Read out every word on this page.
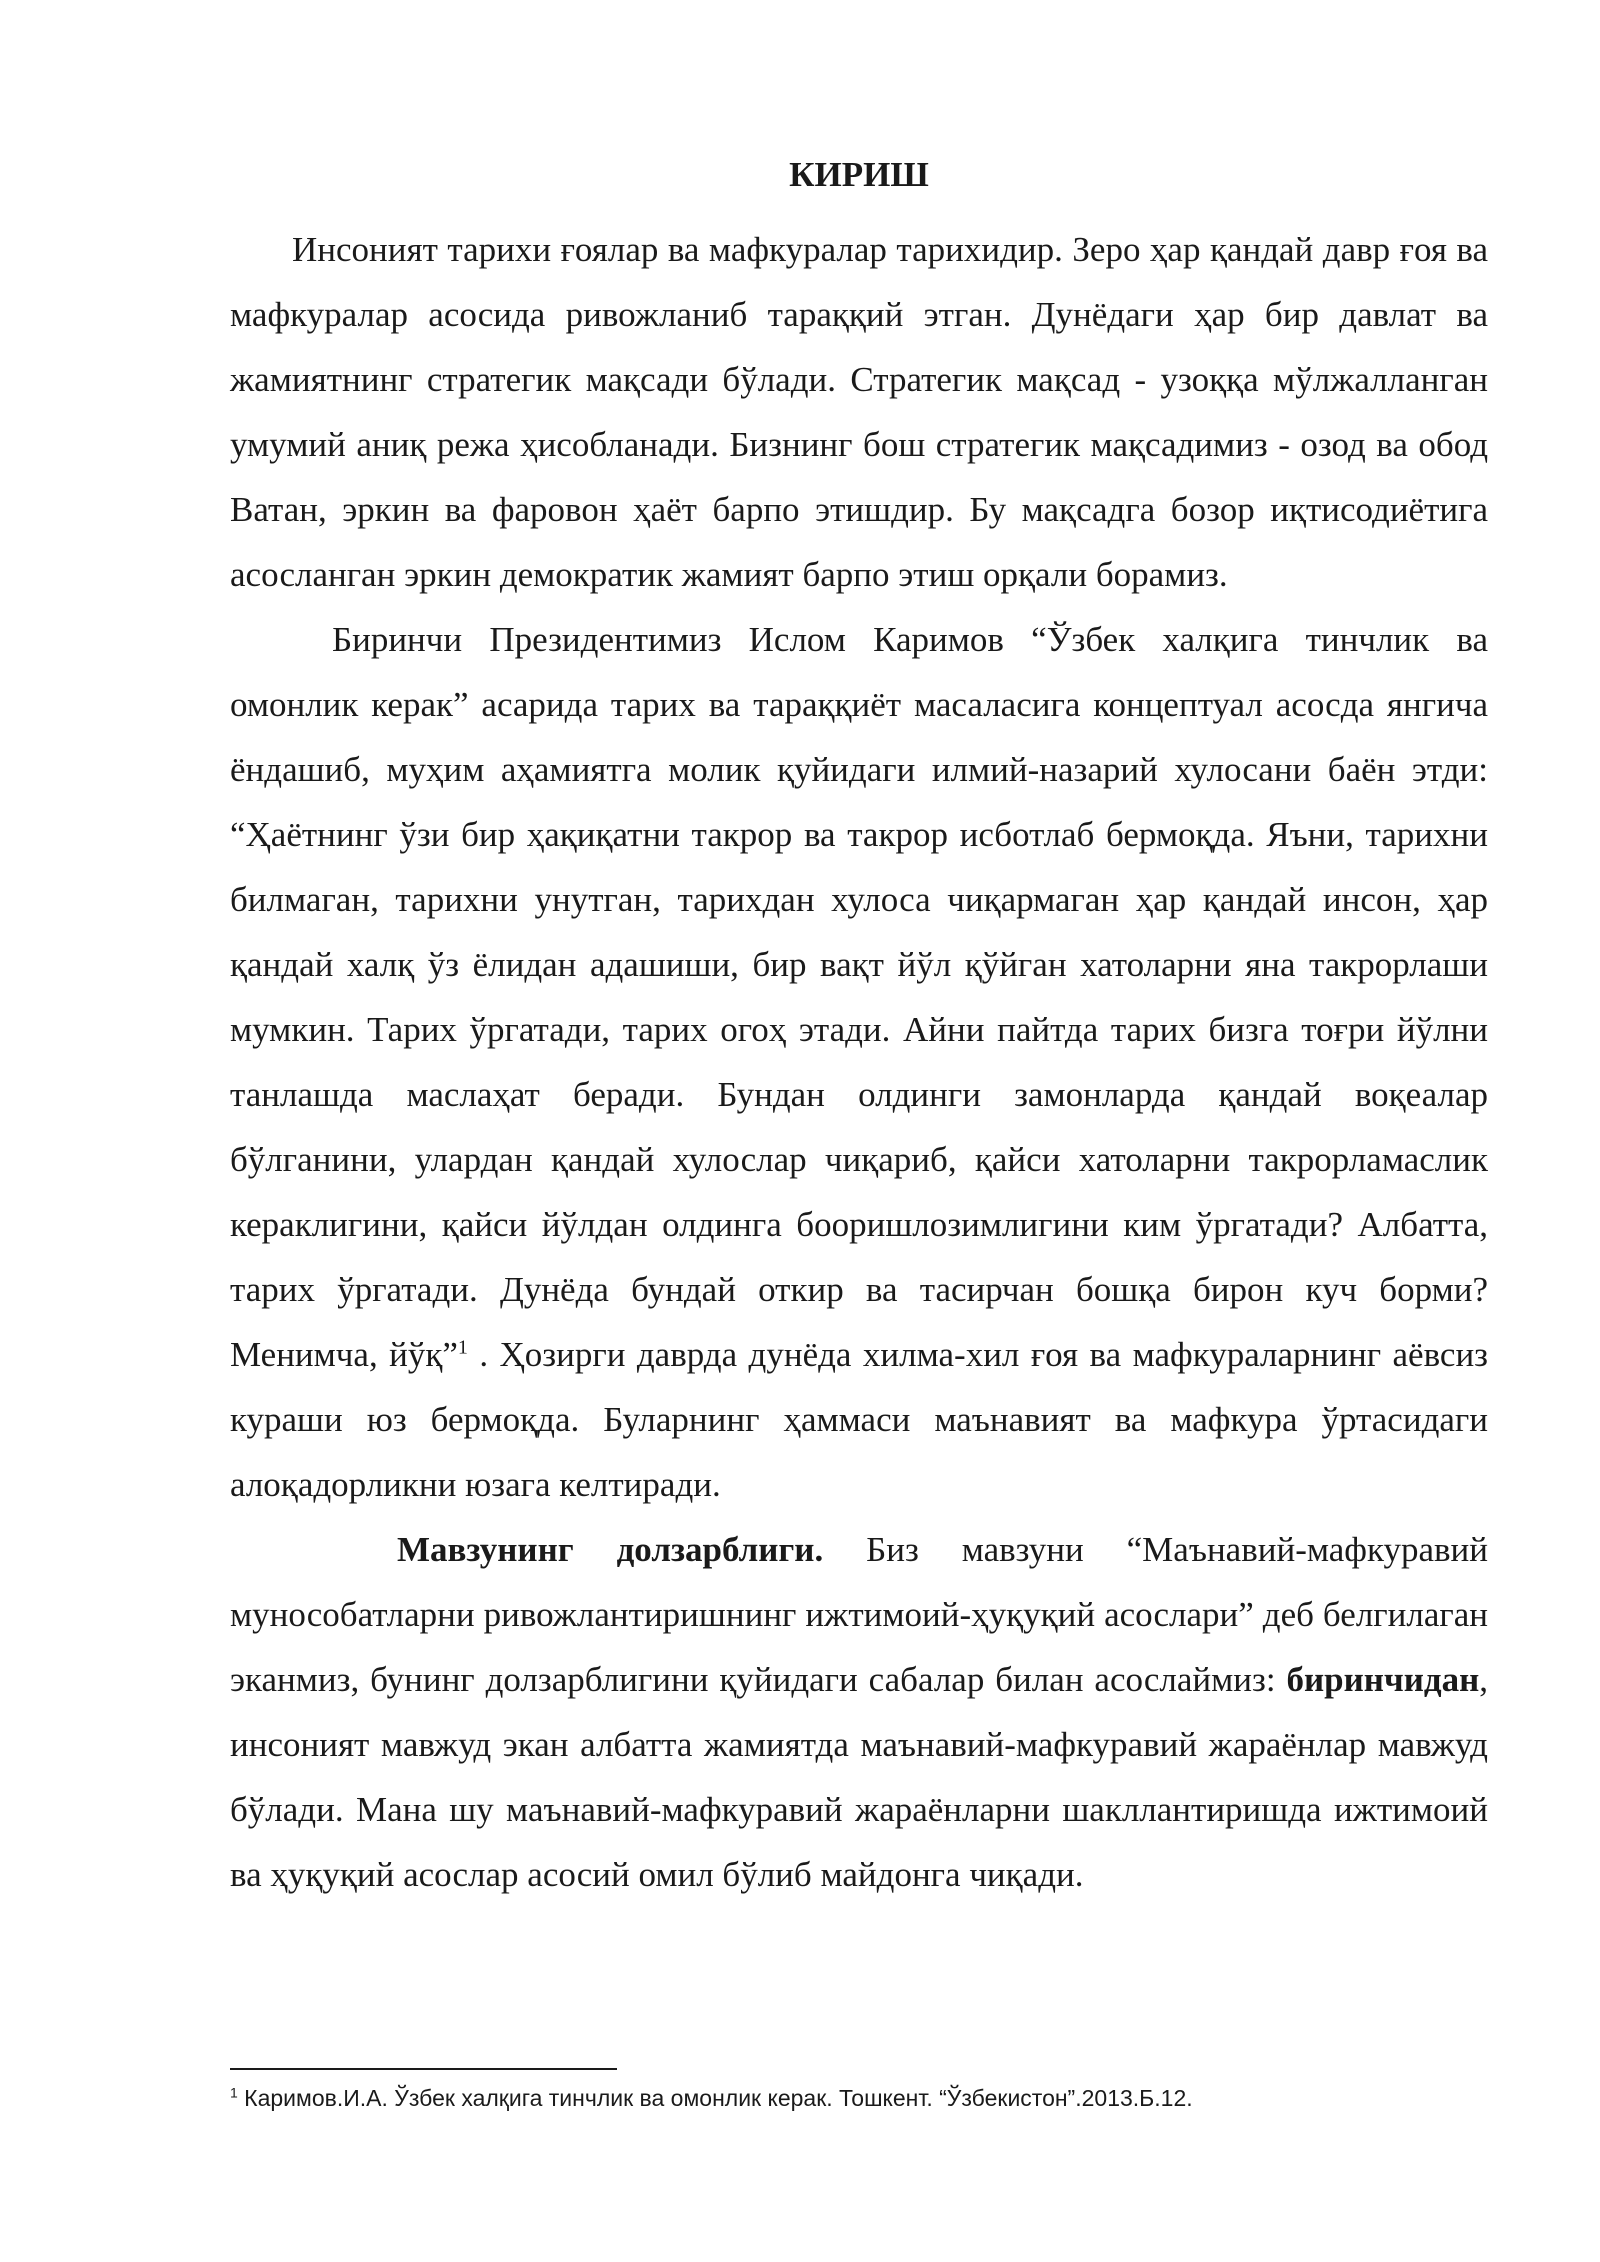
КИРИШ

Инсоният тарихи ғоялар ва мафкуралар тарихидир. Зеро ҳар қандай давр ғоя ва мафкуралар асосида ривожланиб тараққий этган. Дунёдаги ҳар бир давлат ва жамиятнинг стратегик мақсади бўлади. Стратегик мақсад - узоққа мўлжалланган умумий аниқ режа ҳисобланади. Бизнинг бош стратегик мақсадимиз - озод ва обод Ватан, эркин ва фаровон ҳаёт барпо этишдир. Бу мақсадга бозор иқтисодиётига асосланган эркин демократик жамият барпо этиш орқали борамиз.

Биринчи Президентимиз Ислом Каримов “Ўзбек халқига тинчлик ва омонлик керак” асарида тарих ва тараққиёт масаласига концептуал асосда янгича ёндашиб, муҳим аҳамиятга молик қуйидаги илмий-назарий хулосани баён этди: “Ҳаётнинг ўзи бир ҳақиқатни такрор ва такрор исботлаб бермоқда. Яъни, тарихни билмаган, тарихни унутган, тарихдан хулоса чиқармаган ҳар қандай инсон, ҳар қандай халқ ўз ёлидан адашиши, бир вақт йўл қўйган хатоларни яна такрорлаши мумкин. Тарих ўргатади, тарих огоҳ этади. Айни пайтда тарих бизга тоғри йўлни танлашда маслаҳат беради. Бундан олдинги замонларда қандай воқеалар бўлганини, улардан қандай хулослар чиқариб, қайси хатоларни такрорламаслик кераклигини, қайси йўлдан олдинга бооришлозимлигини ким ўргатади? Албатта, тарих ўргатади. Дунёда бундай откир ва тасирчан бошқа бирон куч борми? Менимча, йўқ”$^1$ . Ҳозирги даврда дунёда хилма-хил ғоя ва мафкураларнинг аёвсиз кураши юз бермоқда. Буларнинг ҳаммаси маънавият ва мафкура ўртасидаги алоқадорликни юзага келтиради.

Мавзунинг долзарблиги. Биз мавзуни “Маънавий-мафкуравий мунособатларни ривожлантиришнинг ижтимоий-ҳуқуқий асослари” деб белгилаган эканмиз, бунинг долзарблигини қуйидаги сабалар билан асослаймиз: биринчидан, инсоният мавжуд экан албатта жамиятда маънавий-мафкуравий жараёнлар мавжуд бўлади. Мана шу маънавий-мафкуравий жараёнларни шакллантиришда ижтимоий ва ҳуқуқий асослар асосий омил бўлиб майдонга чиқади.

$^1$ Каримов.И.А. Ўзбек халқига тинчлик ва омонлик керак. Тошкент. “Ўзбекистон”.2013.Б.12.
